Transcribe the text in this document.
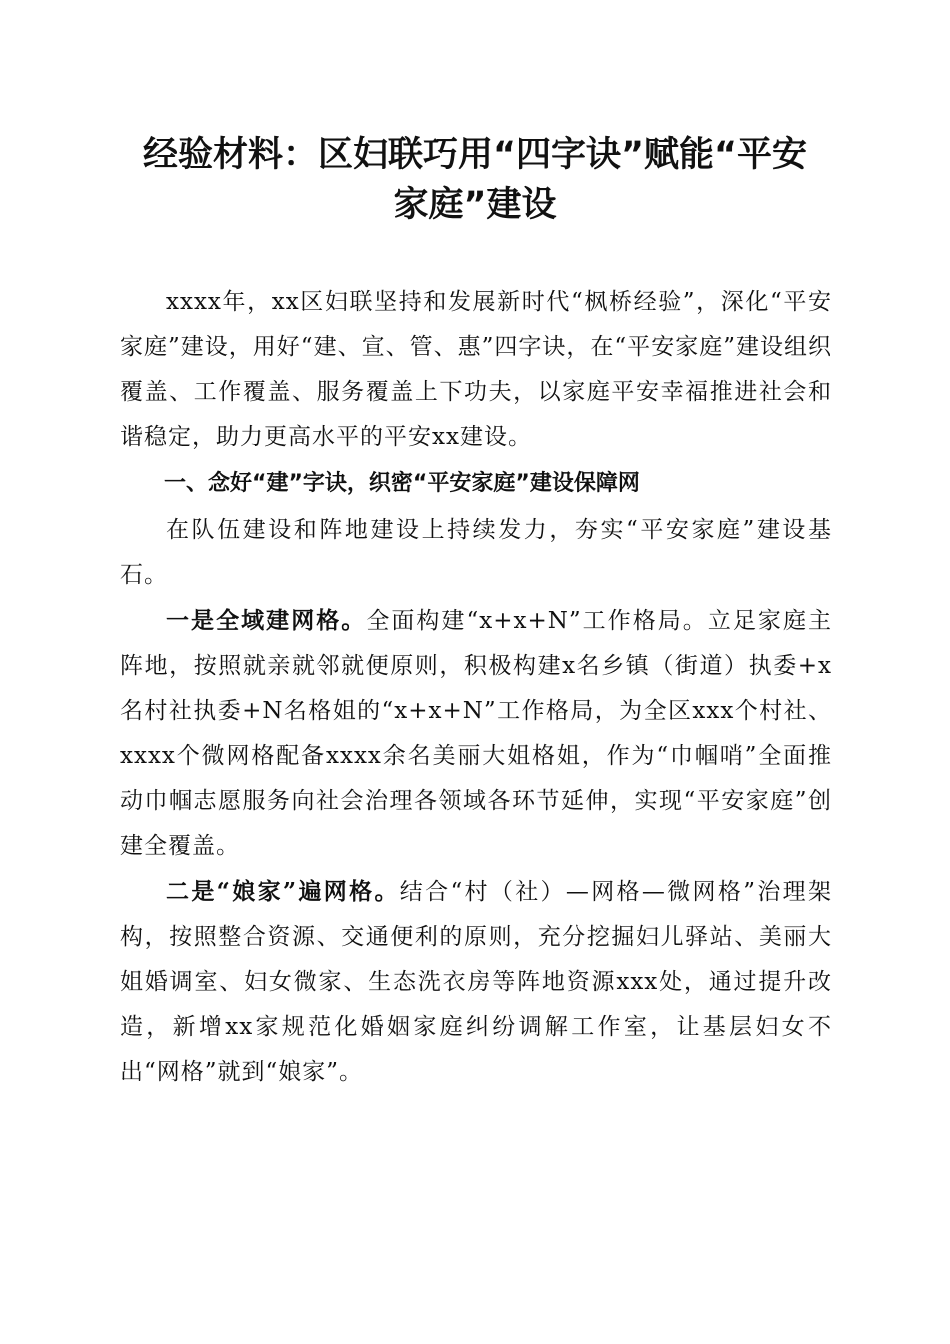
经验材料：区妇联巧用“四字诀”赋能“平安
家庭”建设

xxxx年，xx区妇联坚持和发展新时代“枫桥经验”，深化“平安家庭”建设，用好“建、宣、管、惠”四字诀，在“平安家庭”建设组织覆盖、工作覆盖、服务覆盖上下功夫，以家庭平安幸福推进社会和谐稳定，助力更高水平的平安xx建设。

一、念好“建”字诀，织密“平安家庭”建设保障网

在队伍建设和阵地建设上持续发力，夯实“平安家庭”建设基石。

一是全域建网格。全面构建“x+x+N”工作格局。立足家庭主阵地，按照就亲就邻就便原则，积极构建x名乡镇（街道）执委+x名村社执委+N名格姐的“x+x+N”工作格局，为全区xxx个村社、xxxx个微网格配备xxxx余名美丽大姐格姐，作为“巾帼哨”全面推动巾帼志愿服务向社会治理各领域各环节延伸，实现“平安家庭”创建全覆盖。

二是“娘家”遍网格。结合“村（社）—网格—微网格”治理架构，按照整合资源、交通便利的原则，充分挖掘妇儿驿站、美丽大姐婚调室、妇女微家、生态洗衣房等阵地资源xxx处，通过提升改造，新增xx家规范化婚姻家庭纠纷调解工作室，让基层妇女不出“网格”就到“娘家”。
